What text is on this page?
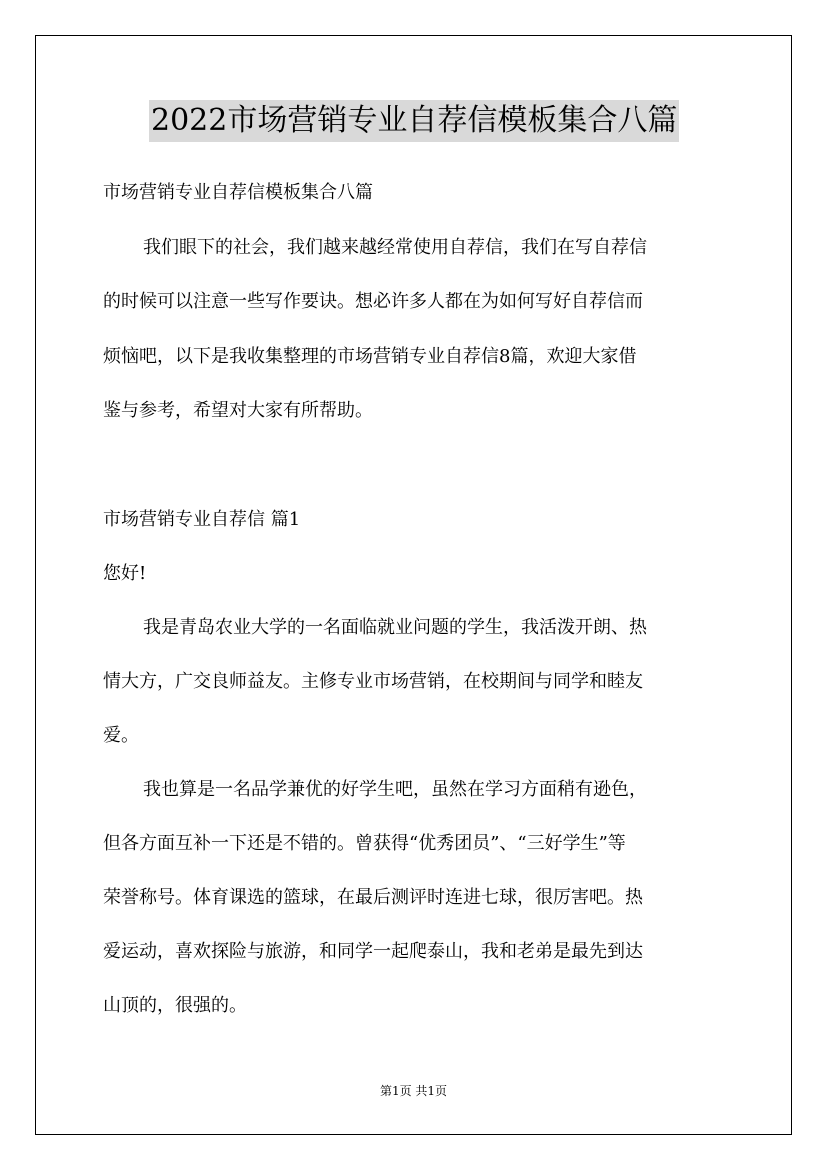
2022市场营销专业自荐信模板集合八篇
市场营销专业自荐信模板集合八篇
我们眼下的社会，我们越来越经常使用自荐信，我们在写自荐信
的时候可以注意一些写作要诀。想必许多人都在为如何写好自荐信而
烦恼吧，以下是我收集整理的市场营销专业自荐信8篇，欢迎大家借
鉴与参考，希望对大家有所帮助。
市场营销专业自荐信 篇1
您好!
我是青岛农业大学的一名面临就业问题的学生，我活泼开朗、热
情大方，广交良师益友。主修专业市场营销，在校期间与同学和睦友
爱。
我也算是一名品学兼优的好学生吧，虽然在学习方面稍有逊色，
但各方面互补一下还是不错的。曾获得“优秀团员”、“三好学生”等
荣誉称号。体育课选的篮球，在最后测评时连进七球，很厉害吧。热
爱运动，喜欢探险与旅游，和同学一起爬泰山，我和老弟是最先到达
山顶的，很强的。
第1页 共1页
